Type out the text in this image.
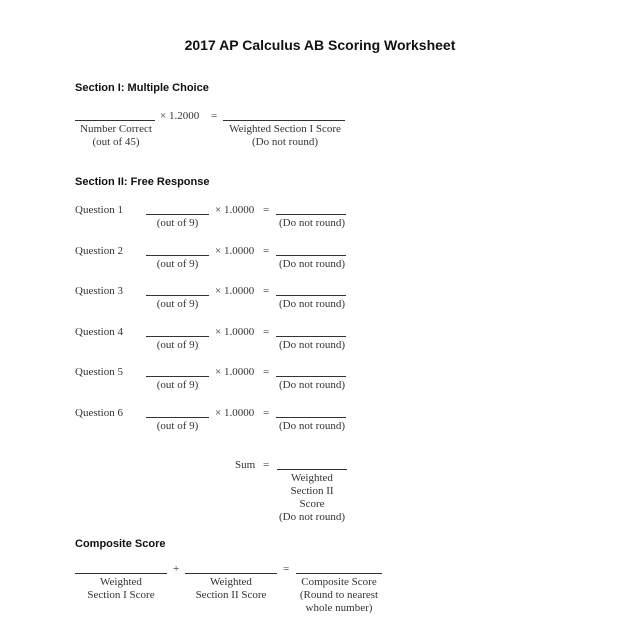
2017 AP Calculus AB Scoring Worksheet
Section I: Multiple Choice
× 1.2000 =
Number Correct
(out of 45)
Weighted Section I Score
(Do not round)
Section II: Free Response
Question 1	× 1.0000 =
(out of 9)	(Do not round)
Question 2	× 1.0000 =
(out of 9)	(Do not round)
Question 3	× 1.0000 =
(out of 9)	(Do not round)
Question 4	× 1.0000 =
(out of 9)	(Do not round)
Question 5	× 1.0000 =
(out of 9)	(Do not round)
Question 6	× 1.0000 =
(out of 9)	(Do not round)
Sum =
Weighted
Section II
Score
(Do not round)
Composite Score
+	=
Weighted
Section I Score
Weighted
Section II Score
Composite Score
(Round to nearest
whole number)
